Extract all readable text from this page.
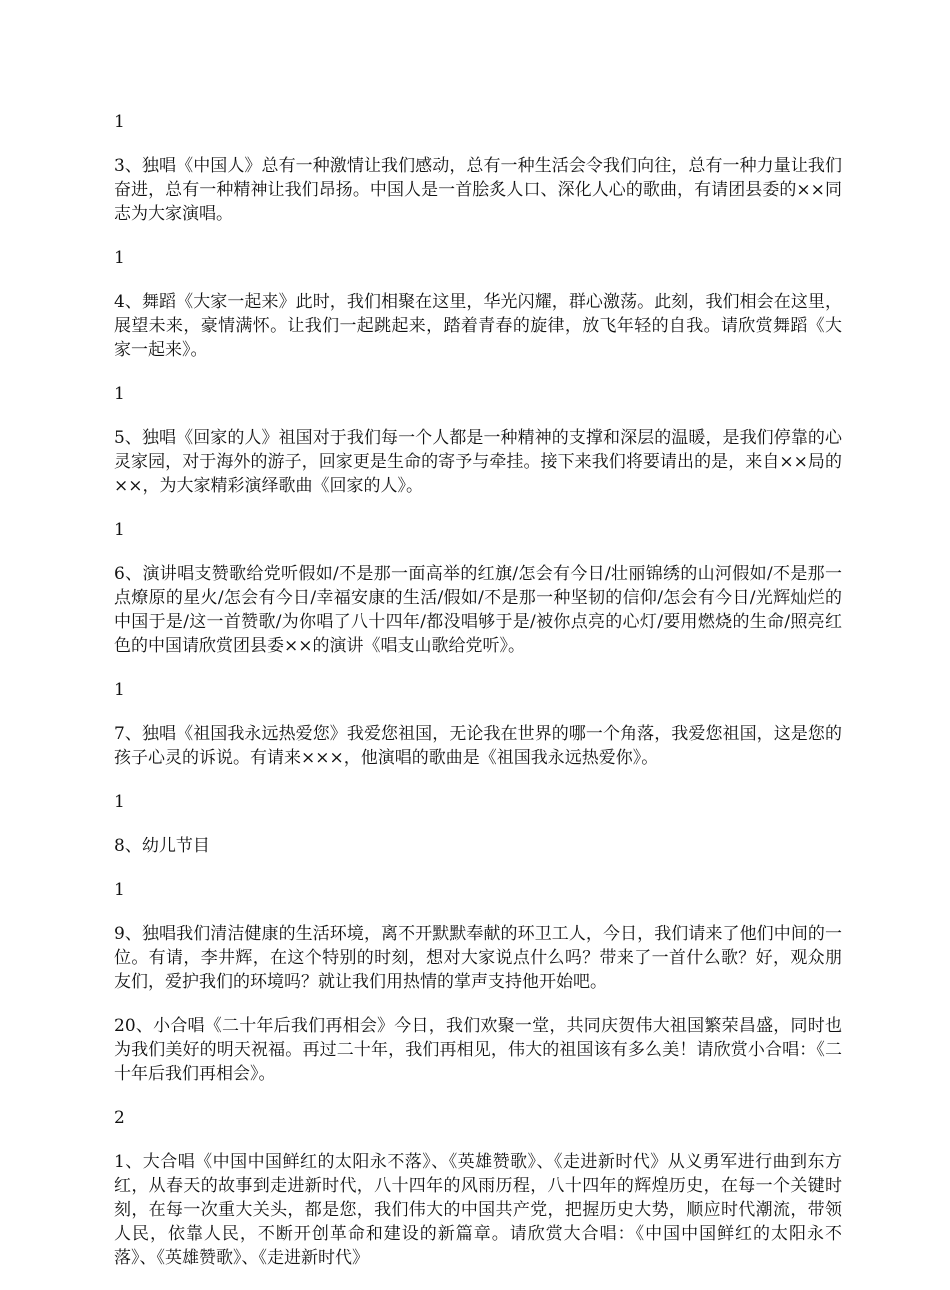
1

3、独唱《中国人》总有一种激情让我们感动，总有一种生活会令我们向往，总有一种力量让我们奋进，总有一种精神让我们昂扬。中国人是一首脍炙人口、深化人心的歌曲，有请团县委的××同志为大家演唱。

1

4、舞蹈《大家一起来》此时，我们相聚在这里，华光闪耀，群心激荡。此刻，我们相会在这里，展望未来，豪情满怀。让我们一起跳起来，踏着青春的旋律，放飞年轻的自我。请欣赏舞蹈《大家一起来》。

1

5、独唱《回家的人》祖国对于我们每一个人都是一种精神的支撑和深层的温暖，是我们停靠的心灵家园，对于海外的游子，回家更是生命的寄予与牵挂。接下来我们将要请出的是，来自××局的××，为大家精彩演绎歌曲《回家的人》。

1

6、演讲唱支赞歌给党听假如/不是那一面高举的红旗/怎会有今日/壮丽锦绣的山河假如/不是那一点燎原的星火/怎会有今日/幸福安康的生活/假如/不是那一种坚韧的信仰/怎会有今日/光辉灿烂的中国于是/这一首赞歌/为你唱了八十四年/都没唱够于是/被你点亮的心灯/要用燃烧的生命/照亮红色的中国请欣赏团县委××的演讲《唱支山歌给党听》。

1

7、独唱《祖国我永远热爱您》我爱您祖国，无论我在世界的哪一个角落，我爱您祖国，这是您的孩子心灵的诉说。有请来×××，他演唱的歌曲是《祖国我永远热爱你》。

1

8、幼儿节目

1

9、独唱我们清洁健康的生活环境，离不开默默奉献的环卫工人，今日，我们请来了他们中间的一位。有请，李井辉，在这个特别的时刻，想对大家说点什么吗？带来了一首什么歌？好，观众朋友们，爱护我们的环境吗？就让我们用热情的掌声支持他开始吧。

20、小合唱《二十年后我们再相会》今日，我们欢聚一堂，共同庆贺伟大祖国繁荣昌盛，同时也为我们美好的明天祝福。再过二十年，我们再相见，伟大的祖国该有多么美！请欣赏小合唱：《二十年后我们再相会》。

2

1、大合唱《中国中国鲜红的太阳永不落》、《英雄赞歌》、《走进新时代》从义勇军进行曲到东方红，从春天的故事到走进新时代，八十四年的风雨历程，八十四年的辉煌历史，在每一个关键时刻，在每一次重大关头，都是您，我们伟大的中国共产党，把握历史大势，顺应时代潮流，带领人民，依靠人民，不断开创革命和建设的新篇章。请欣赏大合唱：《中国中国鲜红的太阳永不落》、《英雄赞歌》、《走进新时代》
